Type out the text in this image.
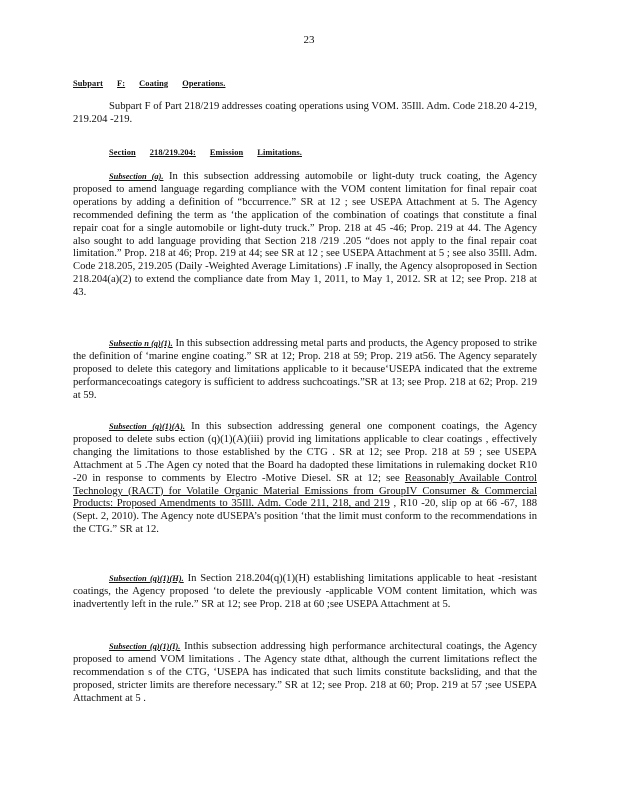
23
Subpart F: Coating Operations.
Subpart F of Part 218/219 addresses coating operations using VOM. 35Ill. Adm. Code 218.20 4-219, 219.204 -219.
Section 218/219.204: Emission Limitations.
Subsection (a). In this subsection addressing automobile or light-duty truck coating, the Agency proposed to amend language regarding compliance with the VOM content limitation for final repair coat operations by adding a definition of “bccurrence.” SR at 12 ; see USEPA Attachment at 5. The Agency recommended defining the term as ‘the application of the combination of coatings that constitute a final repair coat for a single automobile or light-duty truck.” Prop. 218 at 45 -46; Prop. 219 at 44. The Agency also sought to add language providing that Section 218 /219 .205 “does not apply to the final repair coat limitation.” Prop. 218 at 46; Prop. 219 at 44; see SR at 12 ; see USEPA Attachment at 5 ; see also 35Ill. Adm. Code 218.205, 219.205 (Daily -Weighted Average Limitations) .F inally, the Agency alsoproposed in Section 218.204(a)(2) to extend the compliance date from May 1, 2011, to May 1, 2012. SR at 12; see Prop. 218 at 43.
Subsectio n (q)(1). In this subsection addressing metal parts and products, the Agency proposed to strike the definition of ‘marine engine coating.” SR at 12; Prop. 218 at 59; Prop. 219 at56. The Agency separately proposed to delete this category and limitations applicable to it because‘USEPA indicated that the extreme performancecoatings category is sufficient to address suchcoatings.”SR at 13; see Prop. 218 at 62; Prop. 219 at 59.
Subsection (q)(1)(A). In this subsection addressing general one component coatings, the Agency proposed to delete subs ection (q)(1)(A)(iii) provid ing limitations applicable to clear coatings , effectively changing the limitations to those established by the CTG . SR at 12; see Prop. 218 at 59 ; see USEPA Attachment at 5 .The Agen cy noted that the Board ha dadopted these limitations in rulemaking docket R10 -20 in response to comments by Electro -Motive Diesel. SR at 12; see Reasonably Available Control Technology (RACT) for Volatile Organic Material Emissions from GroupIV Consumer & Commercial Products: Proposed Amendments to 35Ill. Adm. Code 211, 218, and 219 , R10 -20, slip op at 66 -67, 188 (Sept. 2, 2010). The Agency note dUSEPA’s position ‘that the limit must conform to the recommendations in the CTG.” SR at 12.
Subsection (q)(1)(H). In Section 218.204(q)(1)(H) establishing limitations applicable to heat -resistant coatings, the Agency proposed ‘to delete the previously -applicable VOM content limitation, which was inadvertently left in the rule.” SR at 12; see Prop. 218 at 60 ;see USEPA Attachment at 5.
Subsection (q)(1)(I). Inthis subsection addressing high performance architectural coatings, the Agency proposed to amend VOM limitations . The Agency state dthat, although the current limitations reflect the recommendation s of the CTG, ‘USEPA has indicated that such limits constitute backsliding, and that the proposed, stricter limits are therefore necessary.” SR at 12; see Prop. 218 at 60; Prop. 219 at 57 ;see USEPA Attachment at 5 .
